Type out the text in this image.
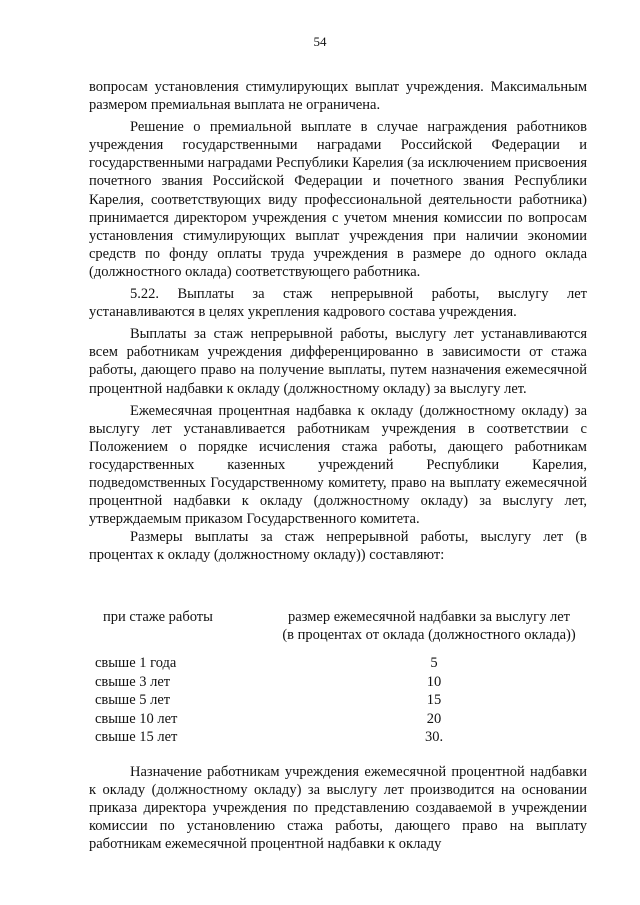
54

вопросам установления стимулирующих выплат учреждения. Максимальным размером премиальная выплата не ограничена.

Решение о премиальной выплате в случае награждения работников учреждения государственными наградами Российской Федерации и государственными наградами Республики Карелия (за исключением присвоения почетного звания Российской Федерации и почетного звания Республики Карелия, соответствующих виду профессиональной деятельности работника) принимается директором учреждения с учетом мнения комиссии по вопросам установления стимулирующих выплат учреждения при наличии экономии средств по фонду оплаты труда учреждения в размере до одного оклада (должностного оклада) соответствующего работника.

5.22. Выплаты за стаж непрерывной работы, выслугу лет устанавливаются в целях укрепления кадрового состава учреждения.

Выплаты за стаж непрерывной работы, выслугу лет устанавливаются всем работникам учреждения дифференцированно в зависимости от стажа работы, дающего право на получение выплаты, путем назначения ежемесячной процентной надбавки к окладу (должностному окладу) за выслугу лет.

Ежемесячная процентная надбавка к окладу (должностному окладу) за выслугу лет устанавливается работникам учреждения в соответствии с Положением о порядке исчисления стажа работы, дающего работникам государственных казенных учреждений Республики Карелия, подведомственных Государственному комитету, право на выплату ежемесячной процентной надбавки к окладу (должностному окладу) за выслугу лет, утверждаемым приказом Государственного комитета.

Размеры выплаты за стаж непрерывной работы, выслугу лет (в процентах к окладу (должностному окладу)) составляют:

при стаже работы	размер ежемесячной надбавки за выслугу лет
(в процентах от оклада (должностного оклада))
свыше 1 года	5
свыше 3 лет	10
свыше 5 лет	15
свыше 10 лет	20
свыше 15 лет	30.

Назначение работникам учреждения ежемесячной процентной надбавки к окладу (должностному окладу) за выслугу лет производится на основании приказа директора учреждения по представлению создаваемой в учреждении комиссии по установлению стажа работы, дающего право на выплату работникам ежемесячной процентной надбавки к окладу
